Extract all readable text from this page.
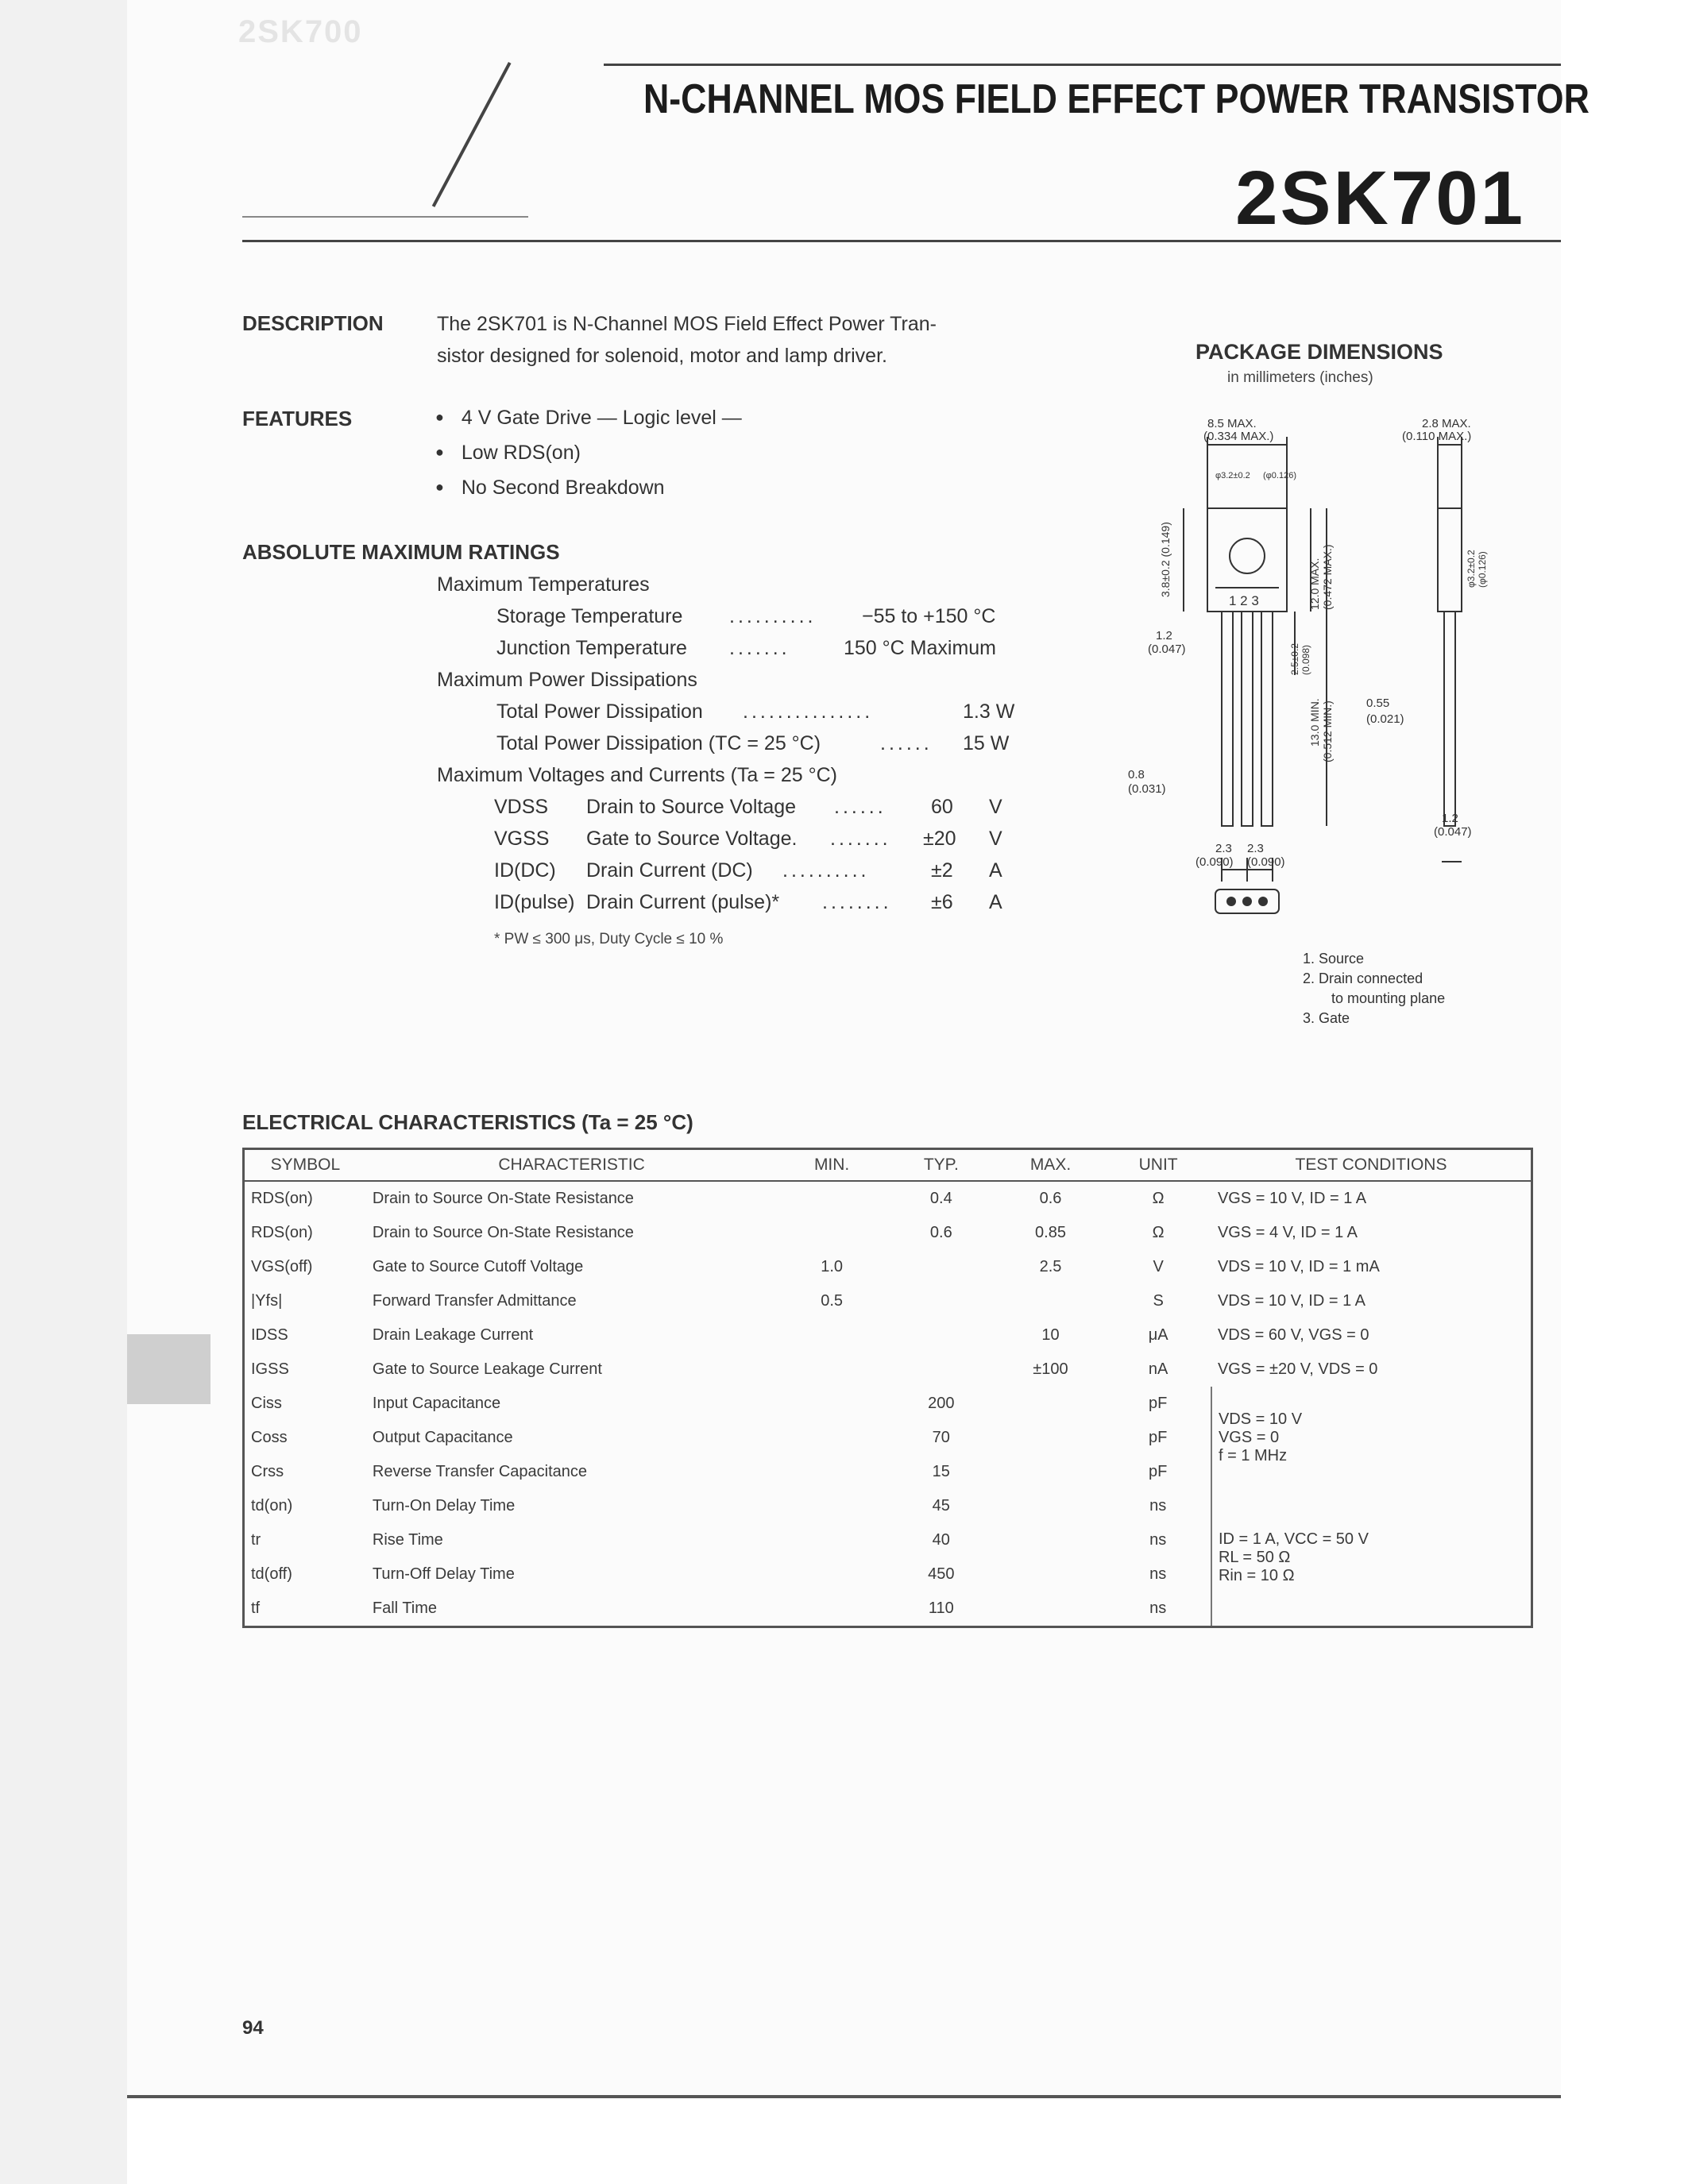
2SK700
N-CHANNEL MOS FIELD EFFECT POWER TRANSISTOR
2SK701
DESCRIPTION	The 2SK701 is N-Channel MOS Field Effect Power Tran-
sistor designed for solenoid, motor and lamp driver.
FEATURES	● 4 V Gate Drive — Logic level —
● Low RDS(on)
● No Second Breakdown
ABSOLUTE MAXIMUM RATINGS
Maximum Temperatures
Storage Temperature .......... −55 to +150 °C
Junction Temperature .......	150 °C Maximum
Maximum Power Dissipations
Total Power Dissipation ...............	1.3 W
Total Power Dissipation (TC = 25 °C)	...... 15 W
Maximum Voltages and Currents (Ta = 25 °C)
VDSS Drain to Source Voltage ...... 60 V
VGSS Gate to Source Voltage. ....... ±20 V
ID(DC) Drain Current (DC) ..........	±2 A
ID(pulse) Drain Current (pulse)* ........ ±6 A
* PW ≤ 300 μs, Duty Cycle ≤ 10 %
PACKAGE DIMENSIONS
in millimeters (inches)
8.5 MAX.
(0.334 MAX.)
φ3.2±0.2 (φ0.126)
2.8 MAX.
(0.110 MAX.)
1 2 3
1.2
(0.047)
0.55
(0.021)
0.8
(0.031)
2.3
(0.090)
2.3
(0.090)
1.2
(0.047)
3.8±0.2 (0.149)	12.0 MAX. (0.472 MAX.)
13.0 MIN. (0.512 MIN.)
2.5±0.2 (0.098)
φ3.2±0.2 (φ0.126)
1. Source
2. Drain connected
to mounting plane
3. Gate
ELECTRICAL CHARACTERISTICS (Ta = 25 °C)
SYMBOL	CHARACTERISTIC	MIN.	TYP.	MAX.	UNIT	TEST CONDITIONS
RDS(on)	Drain to Source On-State Resistance		0.4	0.6	Ω	VGS = 10 V, ID = 1 A
RDS(on)	Drain to Source On-State Resistance		0.6	0.85	Ω	VGS = 4 V, ID = 1 A
VGS(off)	Gate to Source Cutoff Voltage	1.0		2.5	V	VDS = 10 V, ID = 1 mA
|Yfs|	Forward Transfer Admittance	0.5			S	VDS = 10 V, ID = 1 A
IDSS	Drain Leakage Current			10	μA	VDS = 60 V, VGS = 0
IGSS	Gate to Source Leakage Current			±100	nA	VGS = ±20 V, VDS = 0
Ciss	Input Capacitance		200		pF	VDS = 10 V
VGS = 0
f = 1 MHz

Coss	Output Capacitance		70		pF	
Crss	Reverse Transfer Capacitance		15		pF	
td(on)	Turn-On Delay Time		45		ns	ID = 1 A, VCC = 50 V
RL = 50 Ω
Rin = 10 Ω

tr	Rise Time		40		ns	
td(off)	Turn-Off Delay Time		450		ns	
tf	Fall Time		110		ns	
94
